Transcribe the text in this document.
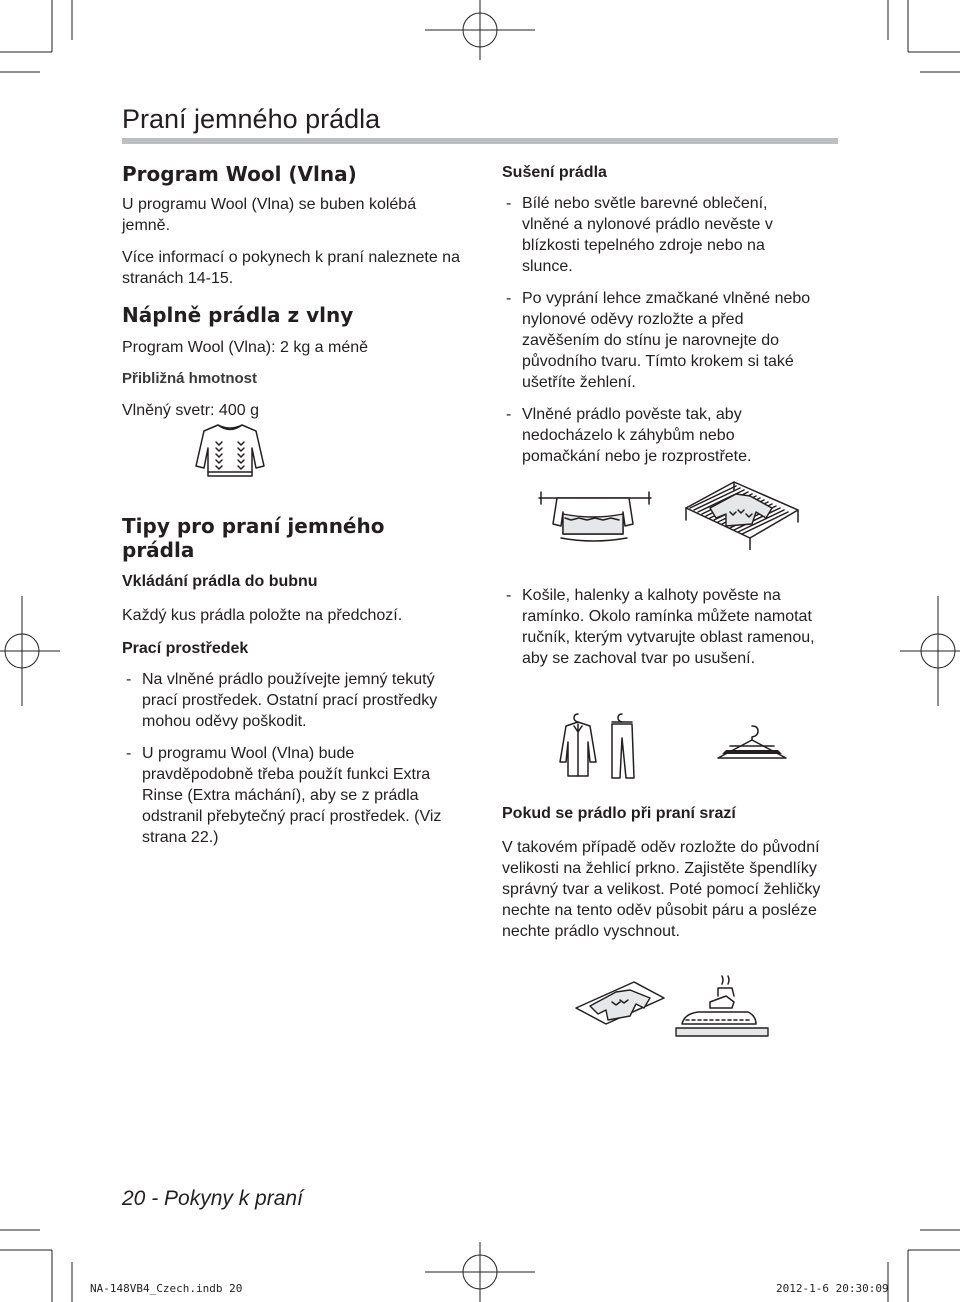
Praní jemného prádla
Program Wool (Vlna)

U programu Wool (Vlna) se buben kolébá jemně.

Více informací o pokynech k praní naleznete na stranách 14-15.

Náplně prádla z vlny

Program Wool (Vlna): 2 kg a méně

Přibližná hmotnost

Vlněný svetr: 400 g

Tipy pro praní jemného prádla

Vkládání prádla do bubnu

Každý kus prádla položte na předchozí.

Prací prostředek

- Na vlněné prádlo používejte jemný tekutý prací prostředek. Ostatní prací prostředky mohou oděvy poškodit.
- U programu Wool (Vlna) bude pravděpodobně třeba použít funkci Extra Rinse (Extra máchání), aby se z prádla odstranil přebytečný prací prostředek. (Viz strana 22.)

Sušení prádla

- Bílé nebo světle barevné oblečení, vlněné a nylonové prádlo nevěste v blízkosti tepelného zdroje nebo na slunce.
- Po vyprání lehce zmačkané vlněné nebo nylonové oděvy rozložte a před zavěšením do stínu je narovnejte do původního tvaru. Tímto krokem si také ušetříte žehlení.
- Vlněné prádlo pověste tak, aby nedocházelo k záhybům nebo pomačkání nebo je rozprostřete.
- Košile, halenky a kalhoty pověste na ramínko. Okolo ramínka můžete namotat ručník, kterým vytvarujte oblast ramenou, aby se zachoval tvar po usušení.

Pokud se prádlo při praní srazí

V takovém případě oděv rozložte do původní velikosti na žehlicí prkno. Zajistěte špendlíky správný tvar a velikost. Poté pomocí žehličky nechte na tento oděv působit páru a posléze nechte prádlo vyschnout.

20 - Pokyny k praní

NA-148VB4_Czech.indb 20	2012-1-6 20:30:09
